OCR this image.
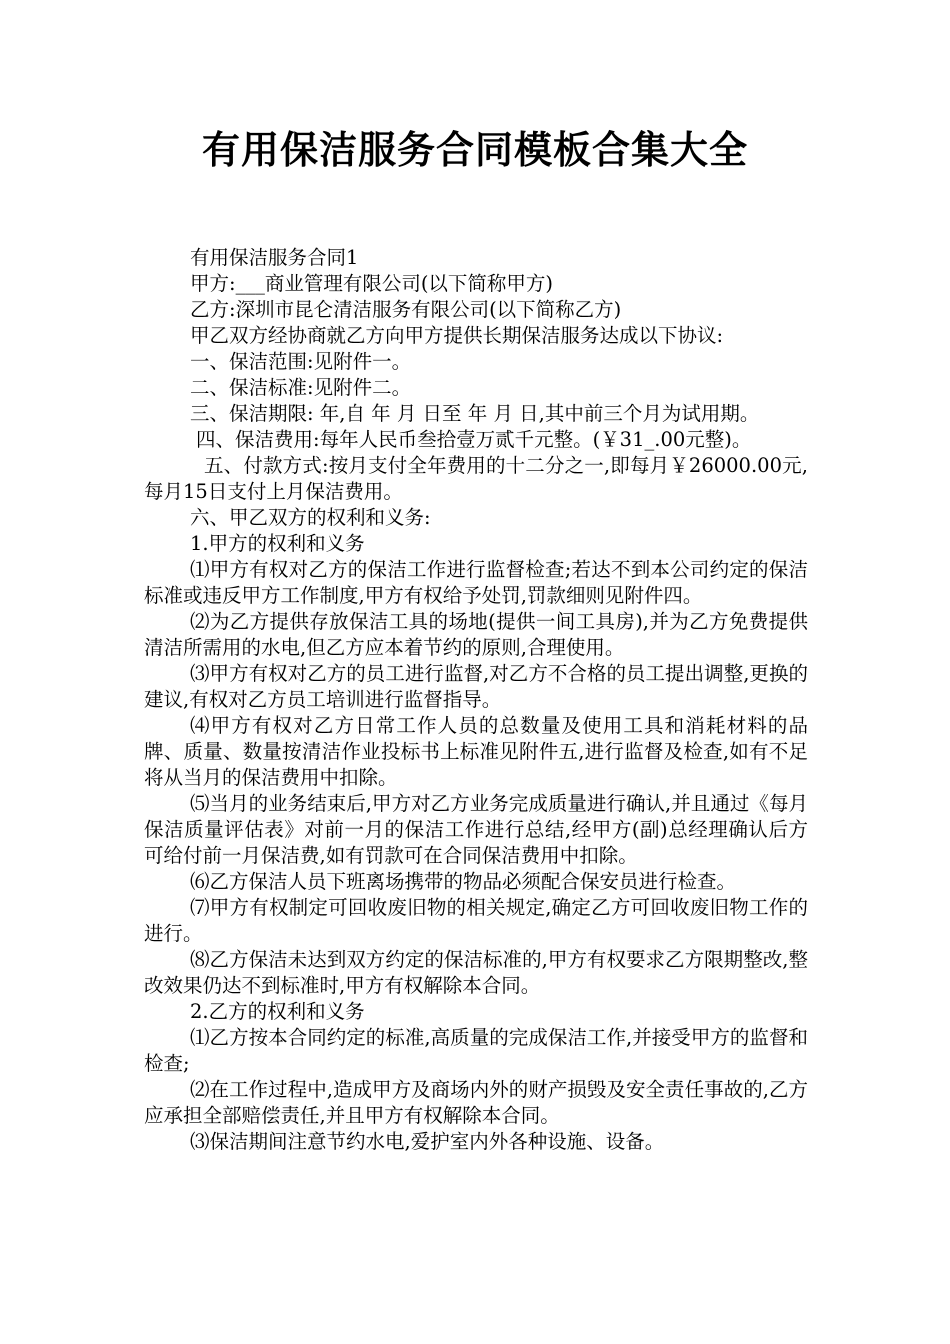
有用保洁服务合同模板合集大全

有用保洁服务合同1

甲方:___商业管理有限公司(以下简称甲方)

乙方:深圳市昆仑清洁服务有限公司(以下简称乙方)

甲乙双方经协商就乙方向甲方提供长期保洁服务达成以下协议:

一、保洁范围:见附件一。

二、保洁标准:见附件二。

三、保洁期限: 年,自 年 月 日至 年 月 日,其中前三个月为试用期。

四、保洁费用:每年人民币叁拾壹万贰千元整。(￥31_.00元整)。

五、付款方式:按月支付全年费用的十二分之一,即每月￥26000.00元,每月15日支付上月保洁费用。

六、甲乙双方的权利和义务:

1.甲方的权利和义务

⑴甲方有权对乙方的保洁工作进行监督检查;若达不到本公司约定的保洁标准或违反甲方工作制度,甲方有权给予处罚,罚款细则见附件四。

⑵为乙方提供存放保洁工具的场地(提供一间工具房),并为乙方免费提供清洁所需用的水电,但乙方应本着节约的原则,合理使用。

⑶甲方有权对乙方的员工进行监督,对乙方不合格的员工提出调整,更换的建议,有权对乙方员工培训进行监督指导。

⑷甲方有权对乙方日常工作人员的总数量及使用工具和消耗材料的品牌、质量、数量按清洁作业投标书上标准见附件五,进行监督及检查,如有不足将从当月的保洁费用中扣除。

⑸当月的业务结束后,甲方对乙方业务完成质量进行确认,并且通过《每月保洁质量评估表》对前一月的保洁工作进行总结,经甲方(副)总经理确认后方可给付前一月保洁费,如有罚款可在合同保洁费用中扣除。

⑹乙方保洁人员下班离场携带的物品必须配合保安员进行检查。

⑺甲方有权制定可回收废旧物的相关规定,确定乙方可回收废旧物工作的进行。

⑻乙方保洁未达到双方约定的保洁标准的,甲方有权要求乙方限期整改,整改效果仍达不到标准时,甲方有权解除本合同。

2.乙方的权利和义务

⑴乙方按本合同约定的标准,高质量的完成保洁工作,并接受甲方的监督和检查;

⑵在工作过程中,造成甲方及商场内外的财产损毁及安全责任事故的,乙方应承担全部赔偿责任,并且甲方有权解除本合同。

⑶保洁期间注意节约水电,爱护室内外各种设施、设备。
